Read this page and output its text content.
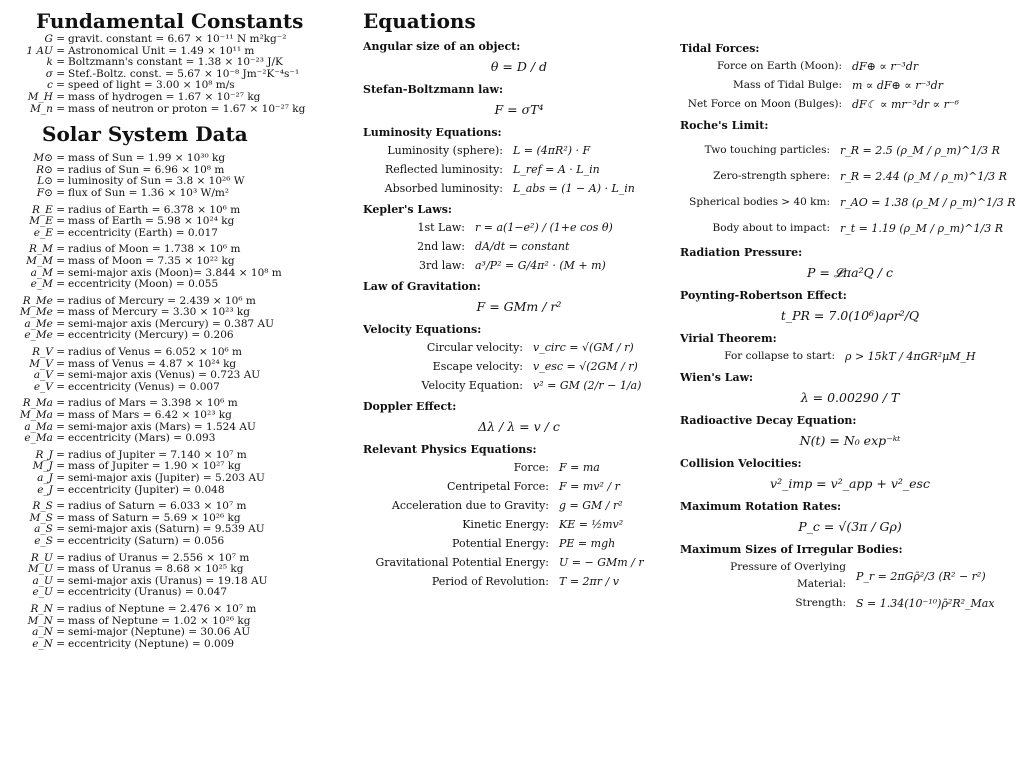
Fundamental Constants
G = gravit. constant = 6.67 × 10⁻¹¹ N m²kg⁻²
1 AU = Astronomical Unit = 1.49 × 10¹¹ m
k = Boltzmann's constant = 1.38 × 10⁻²³ J/K
σ = Stef.-Boltz. const. = 5.67 × 10⁻⁸ Jm⁻²K⁻⁴s⁻¹
c = speed of light = 3.00 × 10⁸ m/s
M_H = mass of hydrogen = 1.67 × 10⁻²⁷ kg
M_n = mass of neutron or proton = 1.67 × 10⁻²⁷ kg
Solar System Data
M⊙ = mass of Sun = 1.99 × 10³⁰ kg
R⊙ = radius of Sun = 6.96 × 10⁸ m
L⊙ = luminosity of Sun = 3.8 × 10²⁶ W
F⊙ = flux of Sun = 1.36 × 10³ W/m²
R_E = radius of Earth = 6.378 × 10⁶ m
M_E = mass of Earth = 5.98 × 10²⁴ kg
e_E = eccentricity (Earth) = 0.017
R_M = radius of Moon = 1.738 × 10⁶ m
M_M = mass of Moon = 7.35 × 10²² kg
a_M = semi-major axis (Moon)= 3.844 × 10⁸ m
e_M = eccentricity (Moon) = 0.055
R_Me = radius of Mercury = 2.439 × 10⁶ m
M_Me = mass of Mercury = 3.30 × 10²³ kg
a_Me = semi-major axis (Mercury) = 0.387 AU
e_Me = eccentricity (Mercury) = 0.206
R_V = radius of Venus = 6.052 × 10⁶ m
M_V = mass of Venus = 4.87 × 10²⁴ kg
a_V = semi-major axis (Venus) = 0.723 AU
e_V = eccentricity (Venus) = 0.007
R_Ma = radius of Mars = 3.398 × 10⁶ m
M_Ma = mass of Mars = 6.42 × 10²³ kg
a_Ma = semi-major axis (Mars) = 1.524 AU
e_Ma = eccentricity (Mars) = 0.093
R_J = radius of Jupiter = 7.140 × 10⁷ m
M_J = mass of Jupiter = 1.90 × 10²⁷ kg
a_J = semi-major axis (Jupiter) = 5.203 AU
e_J = eccentricity (Jupiter) = 0.048
R_S = radius of Saturn = 6.033 × 10⁷ m
M_S = mass of Saturn = 5.69 × 10²⁶ kg
a_S = semi-major axis (Saturn) = 9.539 AU
e_S = eccentricity (Saturn) = 0.056
R_U = radius of Uranus = 2.556 × 10⁷ m
M_U = mass of Uranus = 8.68 × 10²⁵ kg
a_U = semi-major axis (Uranus) = 19.18 AU
e_U = eccentricity (Uranus) = 0.047
R_N = radius of Neptune = 2.476 × 10⁷ m
M_N = mass of Neptune = 1.02 × 10²⁶ kg
a_N = semi-major (Neptune) = 30.06 AU
e_N = eccentricity (Neptune) = 0.009
Equations
Angular size of an object:
θ = D / d
Stefan-Boltzmann law:
F = σT⁴
Luminosity Equations:
Luminosity (sphere): L = (4πR²) · F
Reflected luminosity: L_ref = A · L_in
Absorbed luminosity: L_abs = (1 − A) · L_in
Kepler's Laws:
1st Law: r = a(1−e²) / (1+e cos θ)
2nd law: dA/dt = constant
3rd law: a³/P² = G/4π² · (M + m)
Law of Gravitation:
F = GMm / r²
Velocity Equations:
Circular velocity: v_circ = √(GM / r)
Escape velocity: v_esc = √(2GM / r)
Velocity Equation: v² = GM (2/r − 1/a)
Doppler Effect:
Δλ / λ = v / c
Relevant Physics Equations:
Force: F = ma
Centripetal Force: F = mv² / r
Acceleration due to Gravity: g = GM / r²
Kinetic Energy: KE = ½mv²
Potential Energy: PE = mgh
Gravitational Potential Energy: U = − GMm / r
Period of Revolution: T = 2πr / v
Tidal Forces:
Force on Earth (Moon): dF⊕ ∝ r⁻³dr
Mass of Tidal Bulge: m ∝ dF⊕ ∝ r⁻³dr
Net Force on Moon (Bulges): dF☾ ∝ mr⁻³dr ∝ r⁻⁶
Roche's Limit:
Two touching particles: r_R = 2.5 (ρ_M / ρ_m)^1/3 R
Zero-strength sphere: r_R = 2.44 (ρ_M / ρ_m)^1/3 R
Spherical bodies > 40 km: r_AO = 1.38 (ρ_M / ρ_m)^1/3 R
Body about to impact: r_t = 1.19 (ρ_M / ρ_m)^1/3 R
Radiation Pressure:
P = 𝓛πa²Q / c
Poynting-Robertson Effect:
t_PR = 7.0(10⁶)aρr²/Q
Virial Theorem:
For collapse to start: ρ > 15kT / 4πGR²μM_H
Wien's Law:
λ = 0.00290 / T
Radioactive Decay Equation:
N(t) = N₀ exp⁻ᵏᵗ
Collision Velocities:
v²_imp = v²_app + v²_esc
Maximum Rotation Rates:
P_c = √(3π / Gρ)
Maximum Sizes of Irregular Bodies:
Pressure of Overlying Material:
P_r = 2πGρ̄²/3 (R² − r²)
Strength: S = 1.34(10⁻¹⁰)ρ̄²R²_Max
